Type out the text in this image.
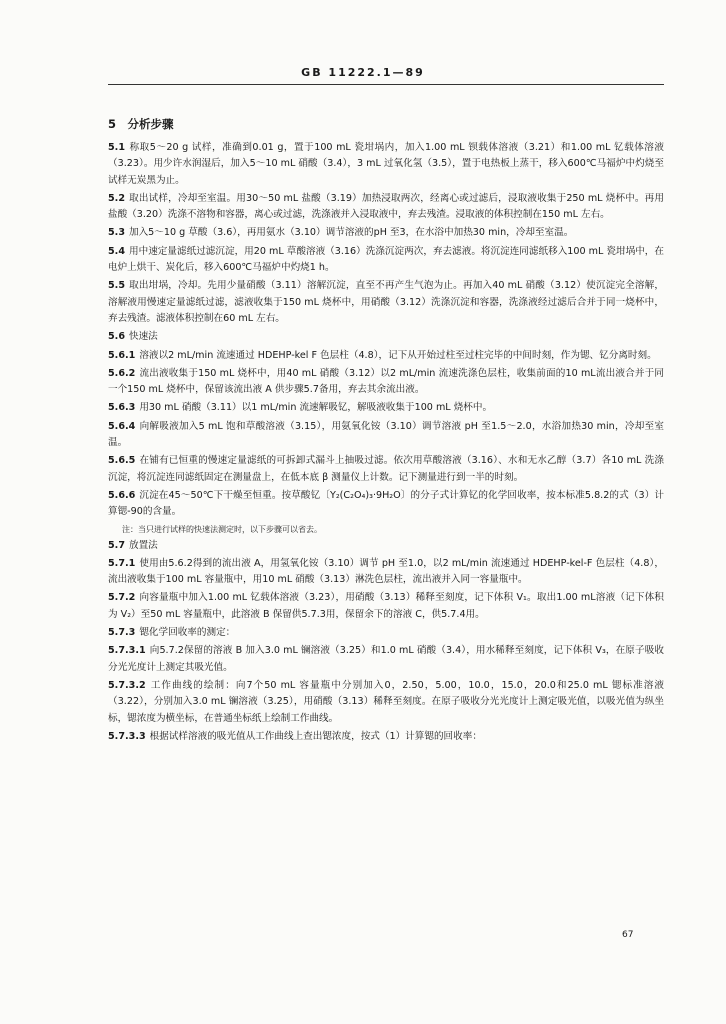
GB 11222.1—89
5　分析步骤

5.1 称取5～20 g 试样，准确到0.01 g，置于100 mL 瓷坩埚内，加入1.00 mL 钡载体溶液（3.21）和1.00 mL 钇载体溶液（3.23）。用少许水润湿后，加入5～10 mL 硝酸（3.4），3 mL 过氧化氢（3.5），置于电热板上蒸干，移入600℃马福炉中灼烧至试样无炭黑为止。

5.2 取出试样，冷却至室温。用30～50 mL 盐酸（3.19）加热浸取两次，经离心或过滤后，浸取液收集于250 mL 烧杯中。再用盐酸（3.20）洗涤不溶物和容器，离心或过滤，洗涤液并入浸取液中，弃去残渣。浸取液的体积控制在150 mL 左右。

5.3 加入5～10 g 草酸（3.6），再用氨水（3.10）调节溶液的pH 至3，在水浴中加热30 min，冷却至室温。

5.4 用中速定量滤纸过滤沉淀，用20 mL 草酸溶液（3.16）洗涤沉淀两次，弃去滤液。将沉淀连同滤纸移入100 mL 瓷坩埚中，在电炉上烘干、炭化后，移入600℃马福炉中灼烧1 h。

5.5 取出坩埚，冷却。先用少量硝酸（3.11）溶解沉淀，直至不再产生气泡为止。再加入40 mL 硝酸（3.12）使沉淀完全溶解，溶解液用慢速定量滤纸过滤，滤液收集于150 mL 烧杯中，用硝酸（3.12）洗涤沉淀和容器，洗涤液经过滤后合并于同一烧杯中，弃去残渣。滤液体积控制在60 mL 左右。

5.6 快速法

5.6.1 溶液以2 mL/min 流速通过 HDEHP-kel F 色层柱（4.8），记下从开始过柱至过柱完毕的中间时刻，作为锶、钇分离时刻。

5.6.2 流出液收集于150 mL 烧杯中，用40 mL 硝酸（3.12）以2 mL/min 流速洗涤色层柱，收集前面的10 mL流出液合并于同一个150 mL 烧杯中，保留该流出液 A 供步骤5.7备用，弃去其余流出液。

5.6.3 用30 mL 硝酸（3.11）以1 mL/min 流速解吸钇，解吸液收集于100 mL 烧杯中。

5.6.4 向解吸液加入5 mL 饱和草酸溶液（3.15），用氨氧化铵（3.10）调节溶液 pH 至1.5～2.0，水浴加热30 min，冷却至室温。

5.6.5 在铺有已恒重的慢速定量滤纸的可拆卸式漏斗上抽吸过滤。依次用草酸溶液（3.16）、水和无水乙醇（3.7）各10 mL 洗涤沉淀，将沉淀连同滤纸固定在测量盘上，在低本底 β 测量仪上计数。记下测量进行到一半的时刻。

5.6.6 沉淀在45～50℃下干燥至恒重。按草酸钇〔Y₂(C₂O₄)₃·9H₂O〕的分子式计算钇的化学回收率，按本标准5.8.2的式（3）计算锶-90的含量。

注：当只进行试样的快速法测定时，以下步骤可以省去。

5.7 放置法

5.7.1 使用由5.6.2得到的流出液 A，用氢氧化铵（3.10）调节 pH 至1.0，以2 mL/min 流速通过 HDEHP-kel-F 色层柱（4.8），流出液收集于100 mL 容量瓶中，用10 mL 硝酸（3.13）淋洗色层柱，流出液并入同一容量瓶中。

5.7.2 向容量瓶中加入1.00 mL 钇载体溶液（3.23），用硝酸（3.13）稀释至刻度，记下体积 V₁。取出1.00 mL溶液（记下体积为 V₂）至50 mL 容量瓶中，此溶液 B 保留供5.7.3用，保留余下的溶液 C，供5.7.4用。

5.7.3 锶化学回收率的测定：

5.7.3.1 向5.7.2保留的溶液 B 加入3.0 mL 镧溶液（3.25）和1.0 mL 硝酸（3.4），用水稀释至刻度，记下体积 V₃，在原子吸收分光光度计上测定其吸光值。

5.7.3.2 工作曲线的绘制：向7个50 mL 容量瓶中分别加入0，2.50，5.00，10.0，15.0，20.0和25.0 mL 锶标准溶液（3.22），分别加入3.0 mL 镧溶液（3.25），用硝酸（3.13）稀释至刻度。在原子吸收分光光度计上测定吸光值，以吸光值为纵坐标，锶浓度为横坐标，在普通坐标纸上绘制工作曲线。

5.7.3.3 根据试样溶液的吸光值从工作曲线上查出锶浓度，按式（1）计算锶的回收率：

67
